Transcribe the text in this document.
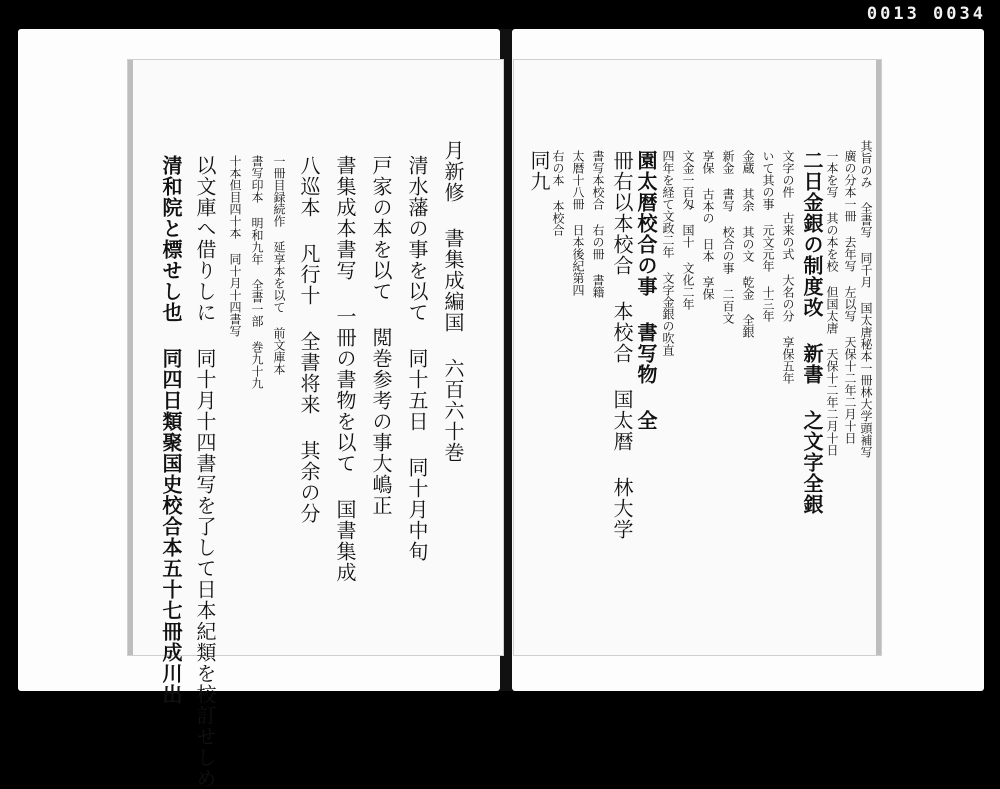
0013 0034
清和院と標せし也 同四日類聚国史校合本五十七冊成川出 以文庫へ借りしに 同十月十四書写を了して日本紀類を校訂せしめ 十本但目四十本 同十月十四書写 書写印本 明和九年 全書一部 巻九十九 一冊目録続作 延享本を以て 前文庫本 八巡本 凡行十 全書将来 其余の分 書集成本書写 一冊の書物を以て 国書集成 戸家の本を以て 閲巻参考の事大嶋正 清水藩の事を以て 同十五日 同十月中旬 月新修 書集成編国 六百六十巻	同九 右の本 本校合 太暦十八冊 日本後紀第四 書写本校合 右の冊 書籍 冊右以本校合 本校合 国太暦 林大学 園太暦校合の事 書写物 全 四年を経て文政二年 文字金銀の吹直 文金一百匁 国十 文化二年 享保 古本の 日本 享保 新金 書写 校合の事 二百文 金蔵 其余 其の文 乾金 全銀 いて其の事 元文元年 十三年 文字の件 古来の式 大名の分 享保五年 二日金銀の制度改 新書 之文字全銀 一本を写 其の本を校 但国太唐 天保十二年二月十日 廣の分本一冊 去年写 左以写 天保十二年二月十日 其旨のみ 全書写 同千月 国太唐秘本一冊林大学頭補写
